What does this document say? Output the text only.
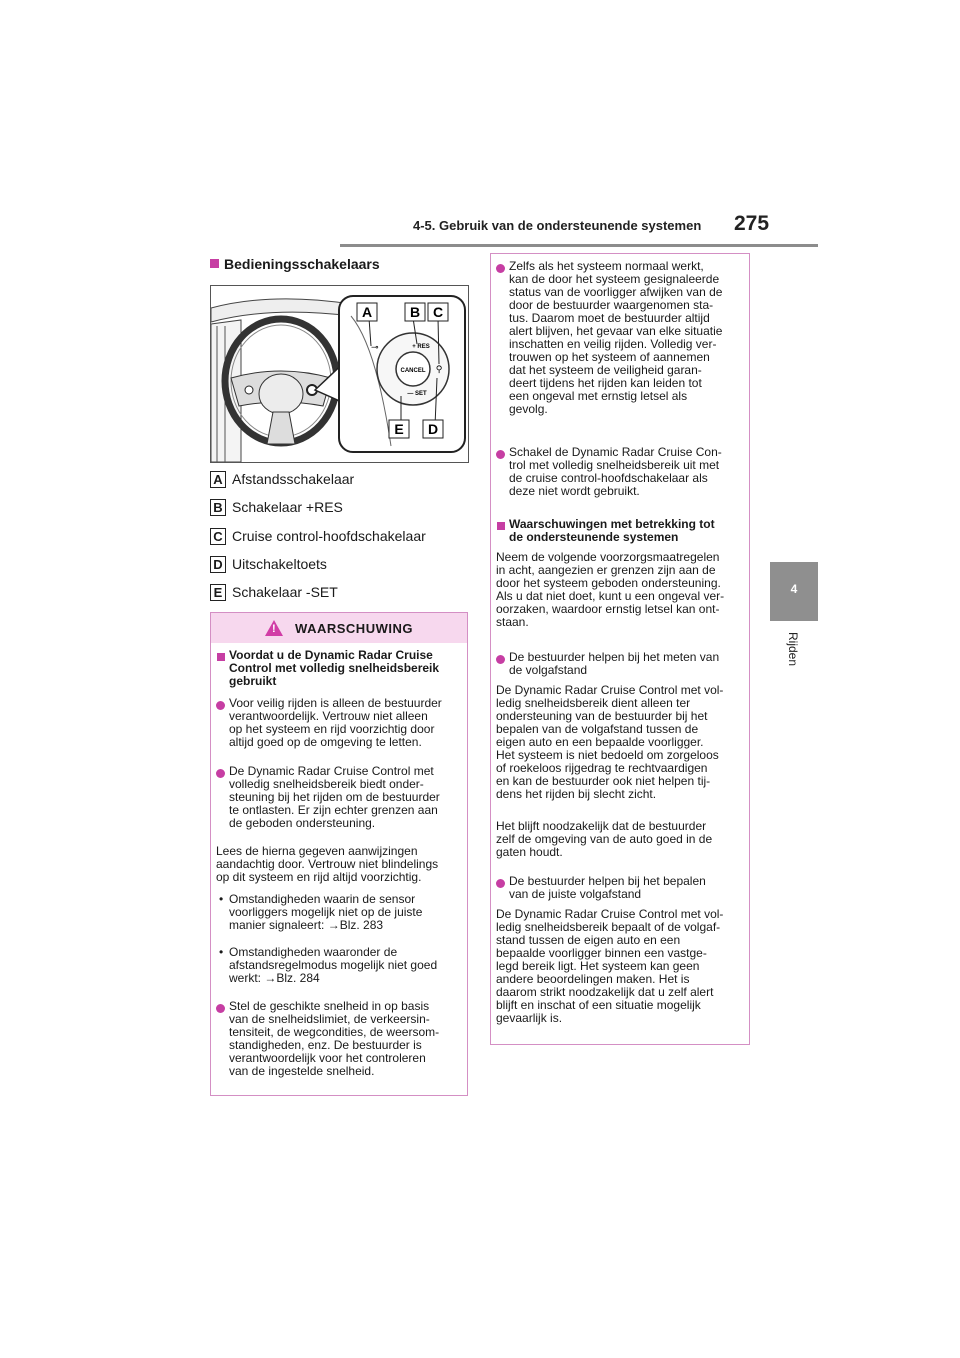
4-5. Gebruik van de ondersteunende systemen 275
4
Rijden
Bedieningsschakelaars
CANCEL
+ RES
— SET
⚲
⊸
A	B C
E D
A Afstandsschakelaar
B Schakelaar +RES
C Cruise control-hoofdschakelaar
D Uitschakeltoets
E Schakelaar -SET
! WAARSCHUWING
Voordat u de Dynamic Radar Cruise
Control met volledig snelheidsbereik
gebruikt
Voor veilig rijden is alleen de bestuurder
verantwoordelijk. Vertrouw niet alleen
op het systeem en rijd voorzichtig door
altijd goed op de omgeving te letten.
De Dynamic Radar Cruise Control met
volledig snelheidsbereik biedt onder-
steuning bij het rijden om de bestuurder
te ontlasten. Er zijn echter grenzen aan
de geboden ondersteuning.
Lees de hierna gegeven aanwijzingen
aandachtig door. Vertrouw niet blindelings
op dit systeem en rijd altijd voorzichtig.
• Omstandigheden waarin de sensor
voorliggers mogelijk niet op de juiste
manier signaleert: →Blz. 283
• Omstandigheden waaronder de
afstandsregelmodus mogelijk niet goed
werkt: →Blz. 284
Stel de geschikte snelheid in op basis
van de snelheidslimiet, de verkeersin-
tensiteit, de wegcondities, de weersom-
standigheden, enz. De bestuurder is
verantwoordelijk voor het controleren
van de ingestelde snelheid.
Zelfs als het systeem normaal werkt,
kan de door het systeem gesignaleerde
status van de voorligger afwijken van de
door de bestuurder waargenomen sta-
tus. Daarom moet de bestuurder altijd
alert blijven, het gevaar van elke situatie
inschatten en veilig rijden. Volledig ver-
trouwen op het systeem of aannemen
dat het systeem de veiligheid garan-
deert tijdens het rijden kan leiden tot
een ongeval met ernstig letsel als
gevolg.
Schakel de Dynamic Radar Cruise Con-
trol met volledig snelheidsbereik uit met
de cruise control-hoofdschakelaar als
deze niet wordt gebruikt.
Waarschuwingen met betrekking tot
de ondersteunende systemen
Neem de volgende voorzorgsmaatregelen
in acht, aangezien er grenzen zijn aan de
door het systeem geboden ondersteuning.
Als u dat niet doet, kunt u een ongeval ver-
oorzaken, waardoor ernstig letsel kan ont-
staan.
De bestuurder helpen bij het meten van
de volgafstand
De Dynamic Radar Cruise Control met vol-
ledig snelheidsbereik dient alleen ter
ondersteuning van de bestuurder bij het
bepalen van de volgafstand tussen de
eigen auto en een bepaalde voorligger.
Het systeem is niet bedoeld om zorgeloos
of roekeloos rijgedrag te rechtvaardigen
en kan de bestuurder ook niet helpen tij-
dens het rijden bij slecht zicht.
Het blijft noodzakelijk dat de bestuurder
zelf de omgeving van de auto goed in de
gaten houdt.
De bestuurder helpen bij het bepalen
van de juiste volgafstand
De Dynamic Radar Cruise Control met vol-
ledig snelheidsbereik bepaalt of de volgaf-
stand tussen de eigen auto en een
bepaalde voorligger binnen een vastge-
legd bereik ligt. Het systeem kan geen
andere beoordelingen maken. Het is
daarom strikt noodzakelijk dat u zelf alert
blijft en inschat of een situatie mogelijk
gevaarlijk is.
